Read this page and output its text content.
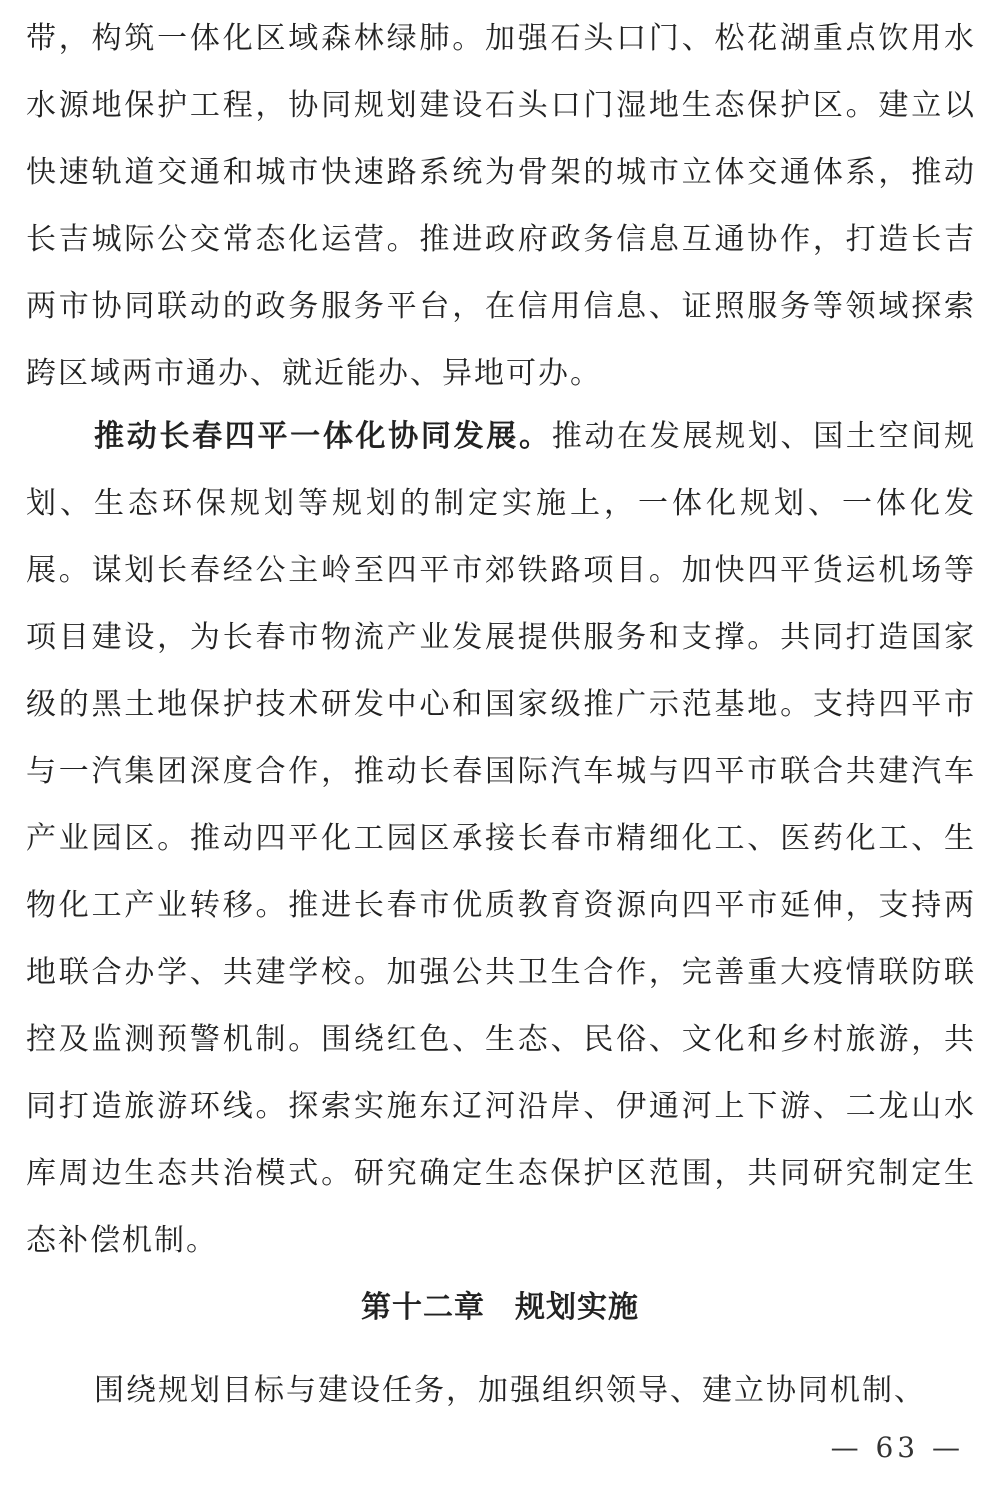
带，构筑一体化区域森林绿肺。加强石头口门、松花湖重点饮用水水源地保护工程，协同规划建设石头口门湿地生态保护区。建立以快速轨道交通和城市快速路系统为骨架的城市立体交通体系，推动长吉城际公交常态化运营。推进政府政务信息互通协作，打造长吉两市协同联动的政务服务平台，在信用信息、证照服务等领域探索跨区域两市通办、就近能办、异地可办。

推动长春四平一体化协同发展。推动在发展规划、国土空间规划、生态环保规划等规划的制定实施上，一体化规划、一体化发展。谋划长春经公主岭至四平市郊铁路项目。加快四平货运机场等项目建设，为长春市物流产业发展提供服务和支撑。共同打造国家级的黑土地保护技术研发中心和国家级推广示范基地。支持四平市与一汽集团深度合作，推动长春国际汽车城与四平市联合共建汽车产业园区。推动四平化工园区承接长春市精细化工、医药化工、生物化工产业转移。推进长春市优质教育资源向四平市延伸，支持两地联合办学、共建学校。加强公共卫生合作，完善重大疫情联防联控及监测预警机制。围绕红色、生态、民俗、文化和乡村旅游，共同打造旅游环线。探索实施东辽河沿岸、伊通河上下游、二龙山水库周边生态共治模式。研究确定生态保护区范围，共同研究制定生态补偿机制。

第十二章 规划实施

围绕规划目标与建设任务，加强组织领导、建立协同机制、

— 63 —
